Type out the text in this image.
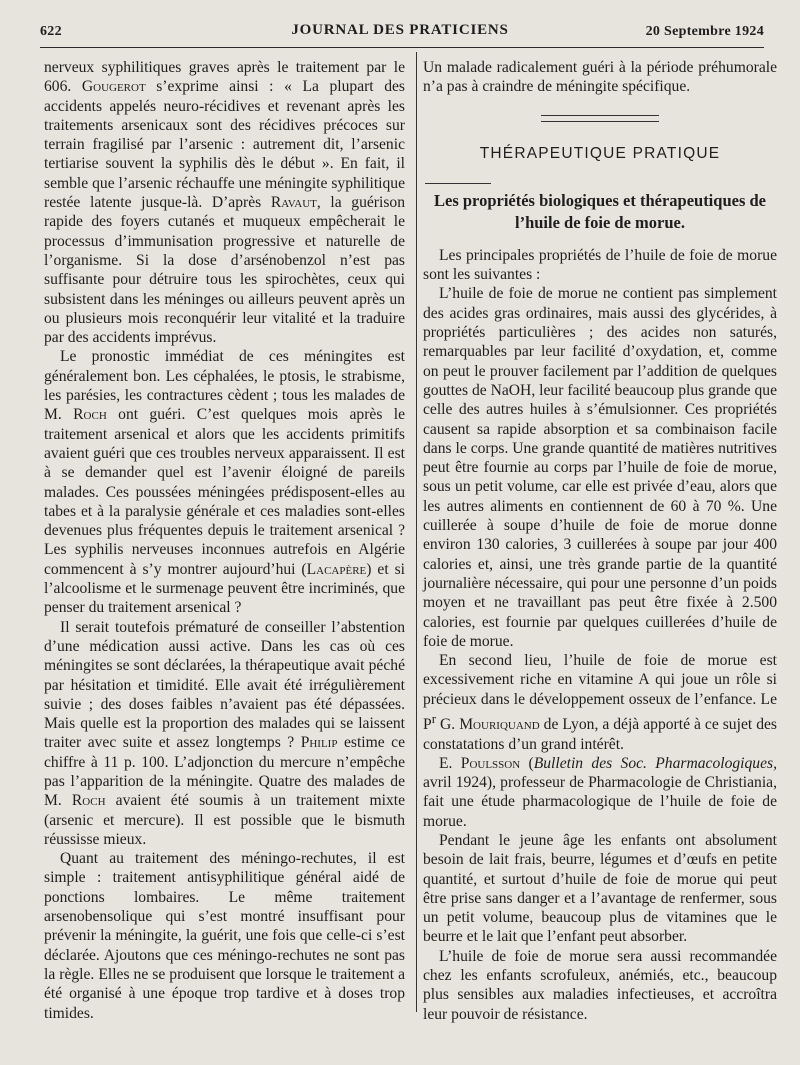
622	JOURNAL DES PRATICIENS	20 Septembre 1924

nerveux syphilitiques graves après le traitement par le 606. Gougerot s’exprime ainsi : « La plupart des accidents appelés neuro-récidives et revenant après les traitements arsenicaux sont des récidives précoces sur terrain fragilisé par l’arsenic : autrement dit, l’arsenic tertiarise souvent la syphilis dès le début ». En fait, il semble que l’arsenic réchauffe une méningite syphilitique restée latente jusque-là. D’après Ravaut, la guérison rapide des foyers cutanés et muqueux empêcherait le processus d’immunisation progressive et naturelle de l’organisme. Si la dose d’arsénobenzol n’est pas suffisante pour détruire tous les spirochètes, ceux qui subsistent dans les méninges ou ailleurs peuvent après un ou plusieurs mois reconquérir leur vitalité et la traduire par des accidents imprévus.

Le pronostic immédiat de ces méningites est généralement bon. Les céphalées, le ptosis, le strabisme, les parésies, les contractures cèdent ; tous les malades de M. Roch ont guéri. C’est quelques mois après le traitement arsenical et alors que les accidents primitifs avaient guéri que ces troubles nerveux apparaissent. Il est à se demander quel est l’avenir éloigné de pareils malades. Ces poussées méningées prédisposent-elles au tabes et à la paralysie générale et ces maladies sont-elles devenues plus fréquentes depuis le traitement arsenical ? Les syphilis nerveuses inconnues autrefois en Algérie commencent à s’y montrer aujourd’hui (Lacapère) et si l’alcoolisme et le surmenage peuvent être incriminés, que penser du traitement arsenical ?

Il serait toutefois prématuré de conseiller l’abstention d’une médication aussi active. Dans les cas où ces méningites se sont déclarées, la thérapeutique avait péché par hésitation et timidité. Elle avait été irrégulièrement suivie ; des doses faibles n’avaient pas été dépassées. Mais quelle est la proportion des malades qui se laissent traiter avec suite et assez longtemps ? Philip estime ce chiffre à 11 p. 100. L’adjonction du mercure n’empêche pas l’apparition de la méningite. Quatre des malades de M. Roch avaient été soumis à un traitement mixte (arsenic et mercure). Il est possible que le bismuth réussisse mieux.

Quant au traitement des méningo-rechutes, il est simple : traitement antisyphilitique général aidé de ponctions lombaires. Le même traitement arsenobensolique qui s’est montré insuffisant pour prévenir la méningite, la guérit, une fois que celle-ci s’est déclarée. Ajoutons que ces méningo-rechutes ne sont pas la règle. Elles ne se produisent que lorsque le traitement a été organisé à une époque trop tardive et à doses trop timides.

Un malade radicalement guéri à la période préhumorale n’a pas à craindre de méningite spécifique.

THÉRAPEUTIQUE PRATIQUE
Les propriétés biologiques et thérapeutiques de l’huile de foie de morue.

Les principales propriétés de l’huile de foie de morue sont les suivantes :

L’huile de foie de morue ne contient pas simplement des acides gras ordinaires, mais aussi des glycérides, à propriétés particulières ; des acides non saturés, remarquables par leur facilité d’oxydation, et, comme on peut le prouver facilement par l’addition de quelques gouttes de NaOH, leur facilité beaucoup plus grande que celle des autres huiles à s’émulsionner. Ces propriétés causent sa rapide absorption et sa combinaison facile dans le corps. Une grande quantité de matières nutritives peut être fournie au corps par l’huile de foie de morue, sous un petit volume, car elle est privée d’eau, alors que les autres aliments en contiennent de 60 à 70 %. Une cuillerée à soupe d’huile de foie de morue donne environ 130 calories, 3 cuillerées à soupe par jour 400 calories et, ainsi, une très grande partie de la quantité journalière nécessaire, qui pour une personne d’un poids moyen et ne travaillant pas peut être fixée à 2.500 calories, est fournie par quelques cuillerées d’huile de foie de morue.

En second lieu, l’huile de foie de morue est excessivement riche en vitamine A qui joue un rôle si précieux dans le développement osseux de l’enfance. Le $P^r$ G. Mouriquand de Lyon, a déjà apporté à ce sujet des constatations d’un grand intérêt.

E. Poulsson (Bulletin des Soc. Pharmacologiques, avril 1924), professeur de Pharmacologie de Christiania, fait une étude pharmacologique de l’huile de foie de morue.

Pendant le jeune âge les enfants ont absolument besoin de lait frais, beurre, légumes et d’œufs en petite quantité, et surtout d’huile de foie de morue qui peut être prise sans danger et a l’avantage de renfermer, sous un petit volume, beaucoup plus de vitamines que le beurre et le lait que l’enfant peut absorber.

L’huile de foie de morue sera aussi recommandée chez les enfants scrofuleux, anémiés, etc., beaucoup plus sensibles aux maladies infectieuses, et accroîtra leur pouvoir de résistance.
